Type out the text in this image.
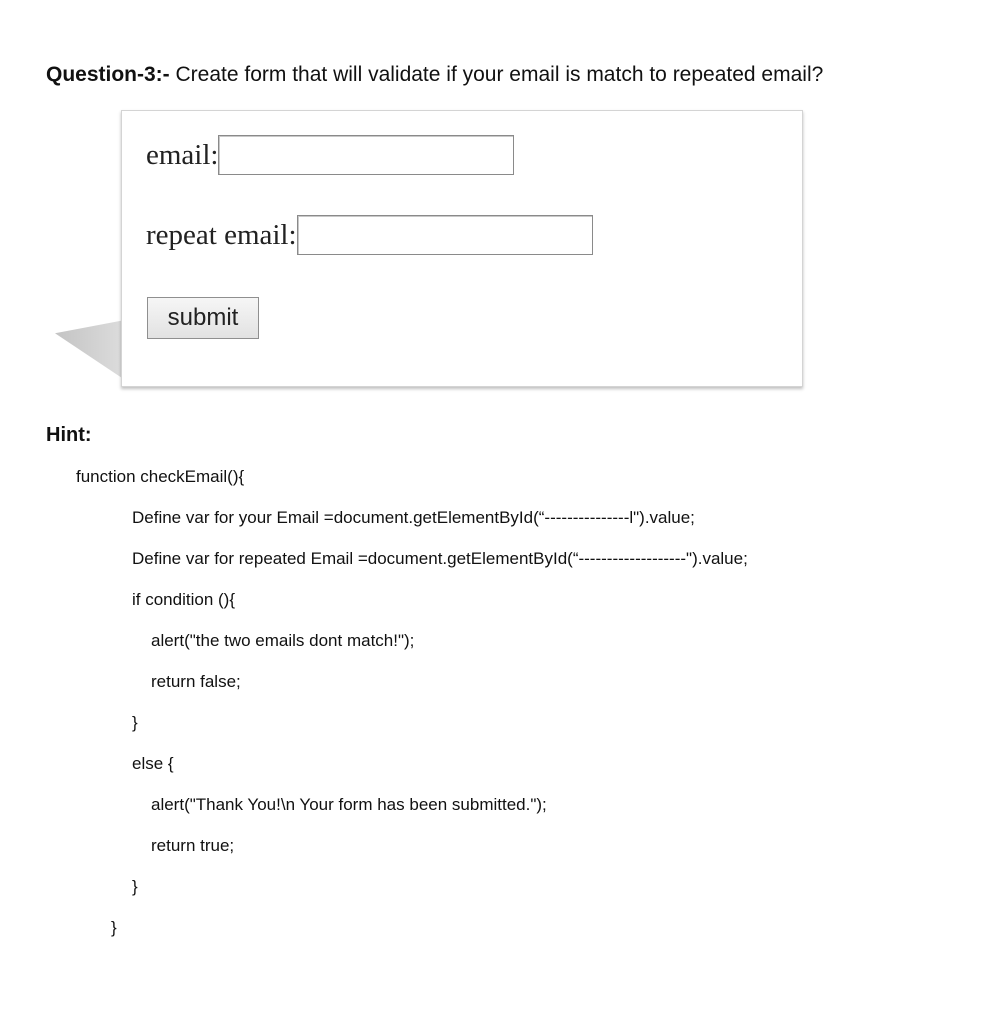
Question-3:- Create form that will validate if your email is match to repeated email?
email:
repeat email:
submit
Hint:
function checkEmail(){
Define var for your Email =document.getElementById(“---------------l").value;
Define var for repeated Email =document.getElementById(“-------------------").value;
if condition (){
alert("the two emails dont match!");
return false;
}
else {
alert("Thank You!\n Your form has been submitted.");
return true;
}
}
